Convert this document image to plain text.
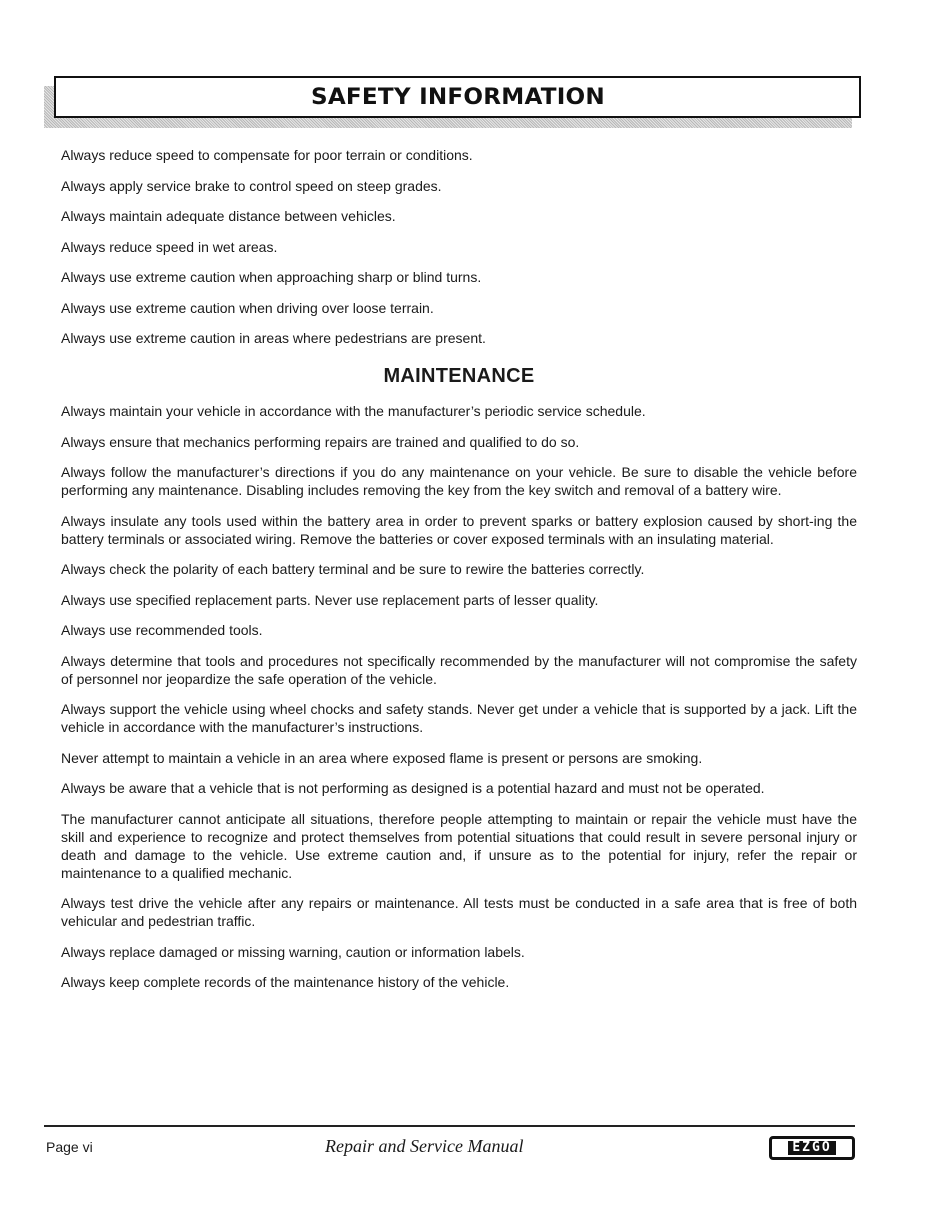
SAFETY INFORMATION

Always reduce speed to compensate for poor terrain or conditions.

Always apply service brake to control speed on steep grades.

Always maintain adequate distance between vehicles.

Always reduce speed in wet areas.

Always use extreme caution when approaching sharp or blind turns.

Always use extreme caution when driving over loose terrain.

Always use extreme caution in areas where pedestrians are present.

MAINTENANCE

Always maintain your vehicle in accordance with the manufacturer’s periodic service schedule.

Always ensure that mechanics performing repairs are trained and qualified to do so.

Always follow the manufacturer’s directions if you do any maintenance on your vehicle. Be sure to disable the vehicle before performing any maintenance. Disabling includes removing the key from the key switch and removal of a battery wire.

Always insulate any tools used within the battery area in order to prevent sparks or battery explosion caused by short-ing the battery terminals or associated wiring. Remove the batteries or cover exposed terminals with an insulating material.

Always check the polarity of each battery terminal and be sure to rewire the batteries correctly.

Always use specified replacement parts. Never use replacement parts of lesser quality.

Always use recommended tools.

Always determine that tools and procedures not specifically recommended by the manufacturer will not compromise the safety of personnel nor jeopardize the safe operation of the vehicle.

Always support the vehicle using wheel chocks and safety stands. Never get under a vehicle that is supported by a jack. Lift the vehicle in accordance with the manufacturer’s instructions.

Never attempt to maintain a vehicle in an area where exposed flame is present or persons are smoking.

Always be aware that a vehicle that is not performing as designed is a potential hazard and must not be operated.

The manufacturer cannot anticipate all situations, therefore people attempting to maintain or repair the vehicle must have the skill and experience to recognize and protect themselves from potential situations that could result in severe personal injury or death and damage to the vehicle. Use extreme caution and, if unsure as to the potential for injury, refer the repair or maintenance to a qualified mechanic.

Always test drive the vehicle after any repairs or maintenance. All tests must be conducted in a safe area that is free of both vehicular and pedestrian traffic.

Always replace damaged or missing warning, caution or information labels.

Always keep complete records of the maintenance history of the vehicle.

Page vi	Repair and Service Manual	EZGO
